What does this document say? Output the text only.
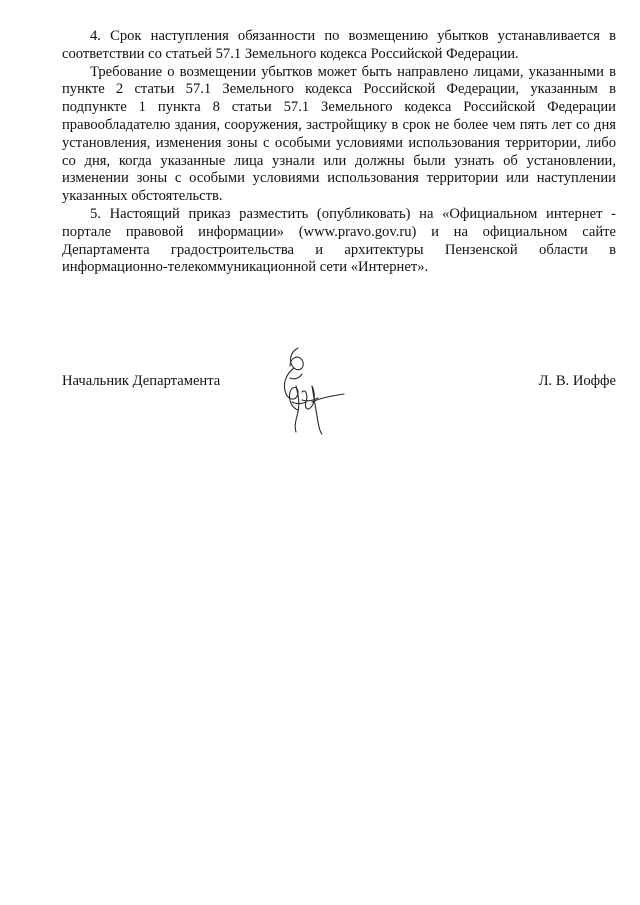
4. Срок наступления обязанности по возмещению убытков устанавливается в соответствии со статьей 57.1 Земельного кодекса Российской Федерации.

Требование о возмещении убытков может быть направлено лицами, указанными в пункте 2 статьи 57.1 Земельного кодекса Российской Федерации, указанным в подпункте 1 пункта 8 статьи 57.1 Земельного кодекса Российской Федерации правообладателю здания, сооружения, застройщику в срок не более чем пять лет со дня установления, изменения зоны с особыми условиями использования территории, либо со дня, когда указанные лица узнали или должны были узнать об установлении, изменении зоны с особыми условиями использования территории или наступлении указанных обстоятельств.

5. Настоящий приказ разместить (опубликовать) на «Официальном интернет - портале правовой информации» (www.pravo.gov.ru) и на официальном сайте Департамента градостроительства и архитектуры Пензенской области в информационно-телекоммуникационной сети «Интернет».

Начальник Департамента	Л. В. Иоффе
